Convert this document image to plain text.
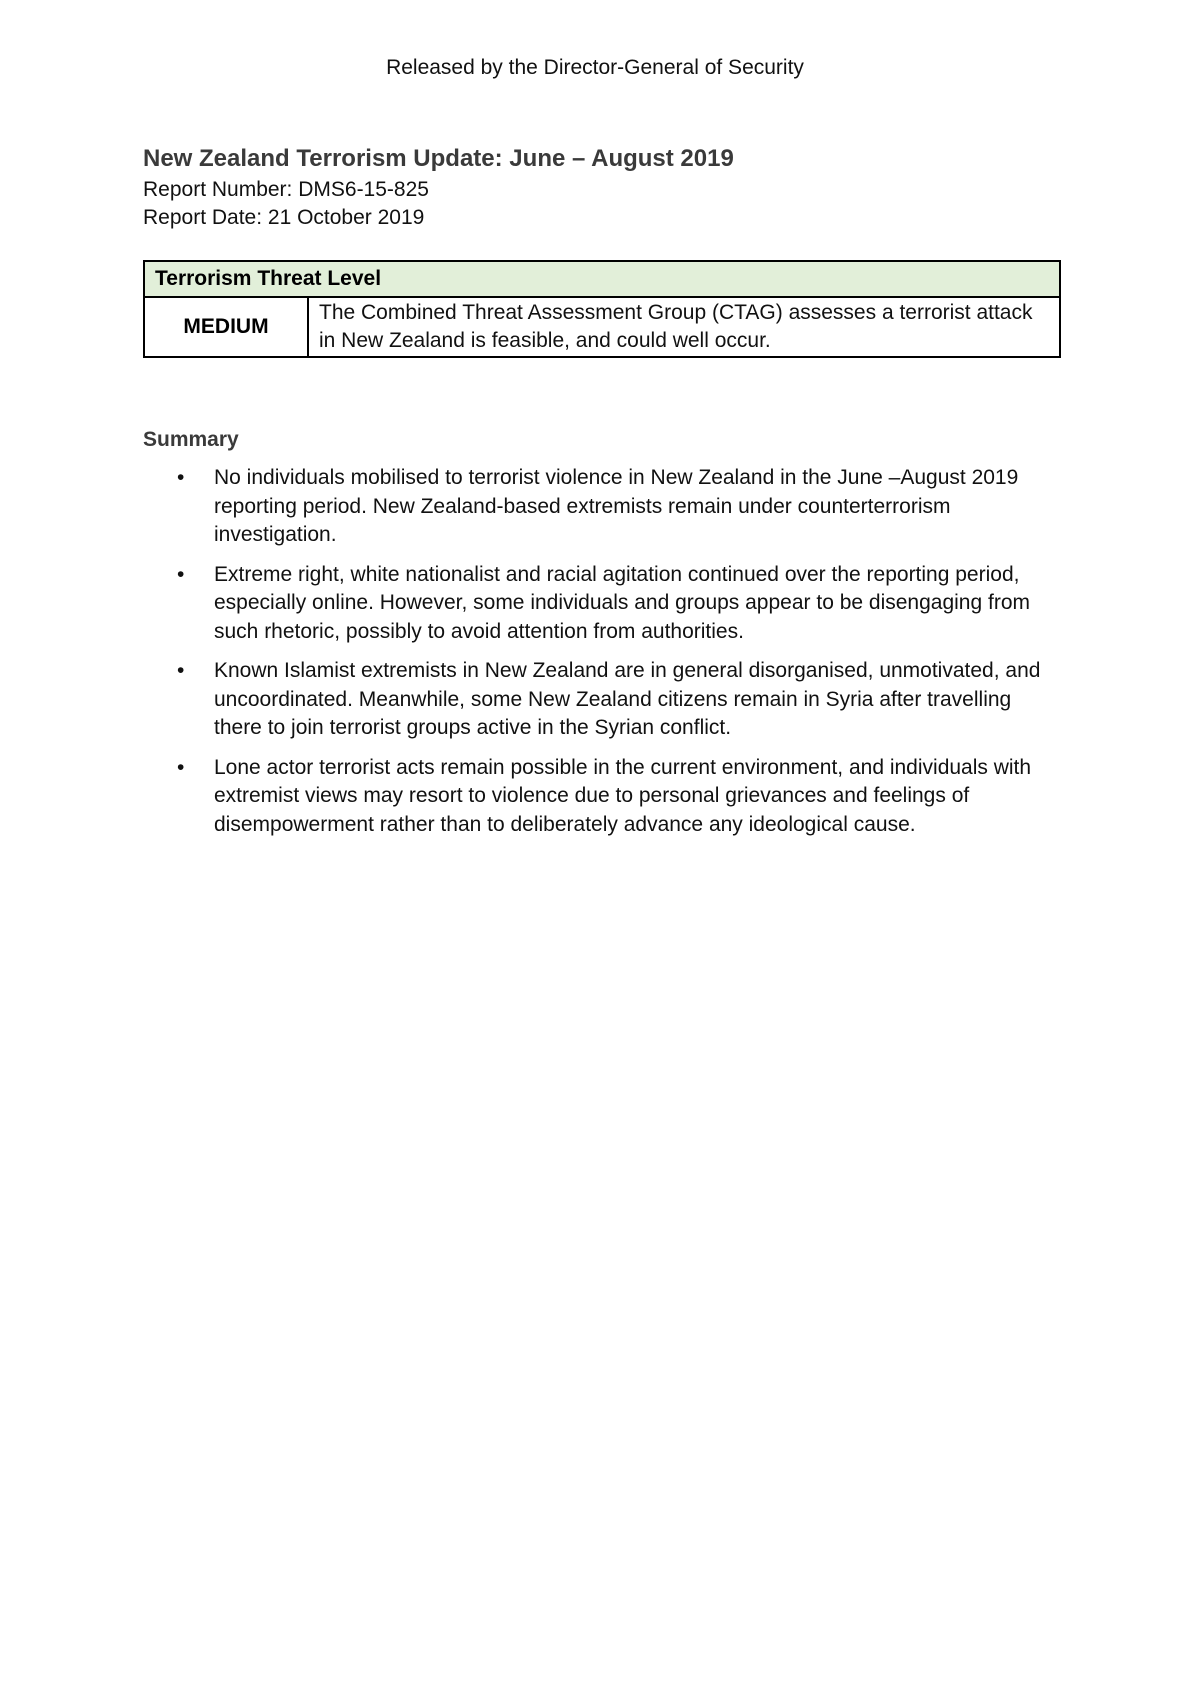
Released by the Director-General of Security
New Zealand Terrorism Update: June – August 2019

Report Number: DMS6-15-825

Report Date: 21 October 2019

Terrorism Threat Level
MEDIUM	The Combined Threat Assessment Group (CTAG) assesses a terrorist attack in New Zealand is feasible, and could well occur.
Summary
• No individuals mobilised to terrorist violence in New Zealand in the June –August 2019 reporting period. New Zealand-based extremists remain under counterterrorism investigation.
• Extreme right, white nationalist and racial agitation continued over the reporting period, especially online. However, some individuals and groups appear to be disengaging from such rhetoric, possibly to avoid attention from authorities.
• Known Islamist extremists in New Zealand are in general disorganised, unmotivated, and uncoordinated. Meanwhile, some New Zealand citizens remain in Syria after travelling there to join terrorist groups active in the Syrian conflict.
• Lone actor terrorist acts remain possible in the current environment, and individuals with extremist views may resort to violence due to personal grievances and feelings of disempowerment rather than to deliberately advance any ideological cause.
